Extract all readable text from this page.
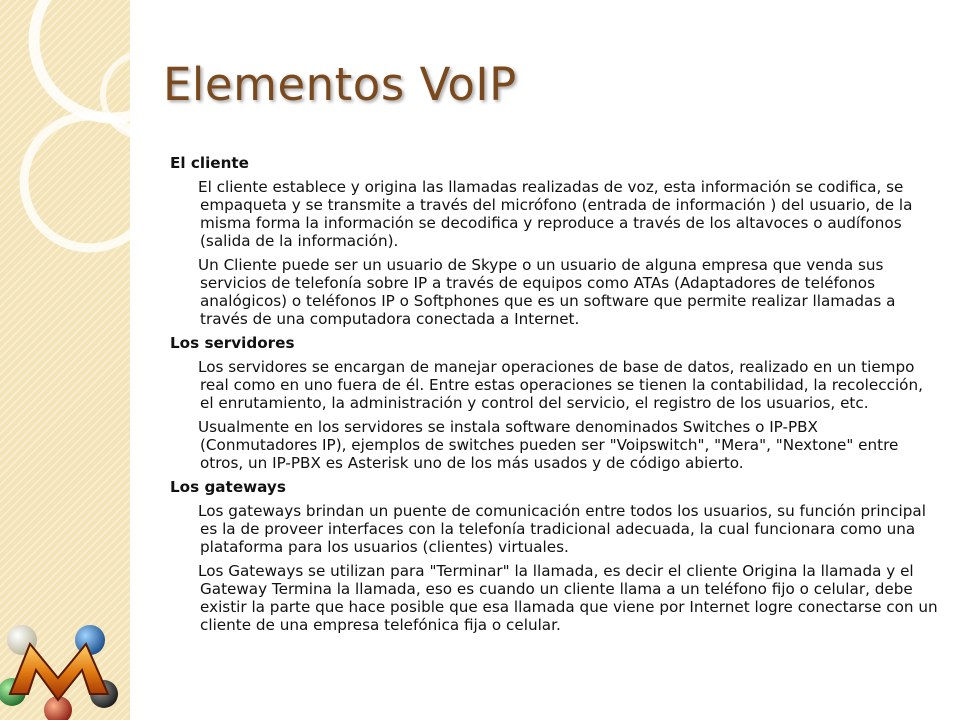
Elementos VoIP

El cliente

El cliente establece y origina las llamadas realizadas de voz, esta información se codifica, se empaqueta y se transmite a través del micrófono (entrada de información ) del usuario, de la misma forma la información se decodifica y reproduce a través de los altavoces o audífonos (salida de la información).

Un Cliente puede ser un usuario de Skype o un usuario de alguna empresa que venda sus servicios de telefonía sobre IP a través de equipos como ATAs (Adaptadores de teléfonos analógicos) o teléfonos IP o Softphones que es un software que permite realizar llamadas a través de una computadora conectada a Internet.

Los servidores

Los servidores se encargan de manejar operaciones de base de datos, realizado en un tiempo real como en uno fuera de él. Entre estas operaciones se tienen la contabilidad, la recolección, el enrutamiento, la administración y control del servicio, el registro de los usuarios, etc.

Usualmente en los servidores se instala software denominados Switches o IP-PBX (Conmutadores IP), ejemplos de switches pueden ser "Voipswitch", "Mera", "Nextone" entre otros, un IP-PBX es Asterisk uno de los más usados y de código abierto.

Los gateways

Los gateways brindan un puente de comunicación entre todos los usuarios, su función principal es la de proveer interfaces con la telefonía tradicional adecuada, la cual funcionara como una plataforma para los usuarios (clientes) virtuales.

Los Gateways se utilizan para "Terminar" la llamada, es decir el cliente Origina la llamada y el Gateway Termina la llamada, eso es cuando un cliente llama a un teléfono fijo o celular, debe existir la parte que hace posible que esa llamada que viene por Internet logre conectarse con un cliente de una empresa telefónica fija o celular.
